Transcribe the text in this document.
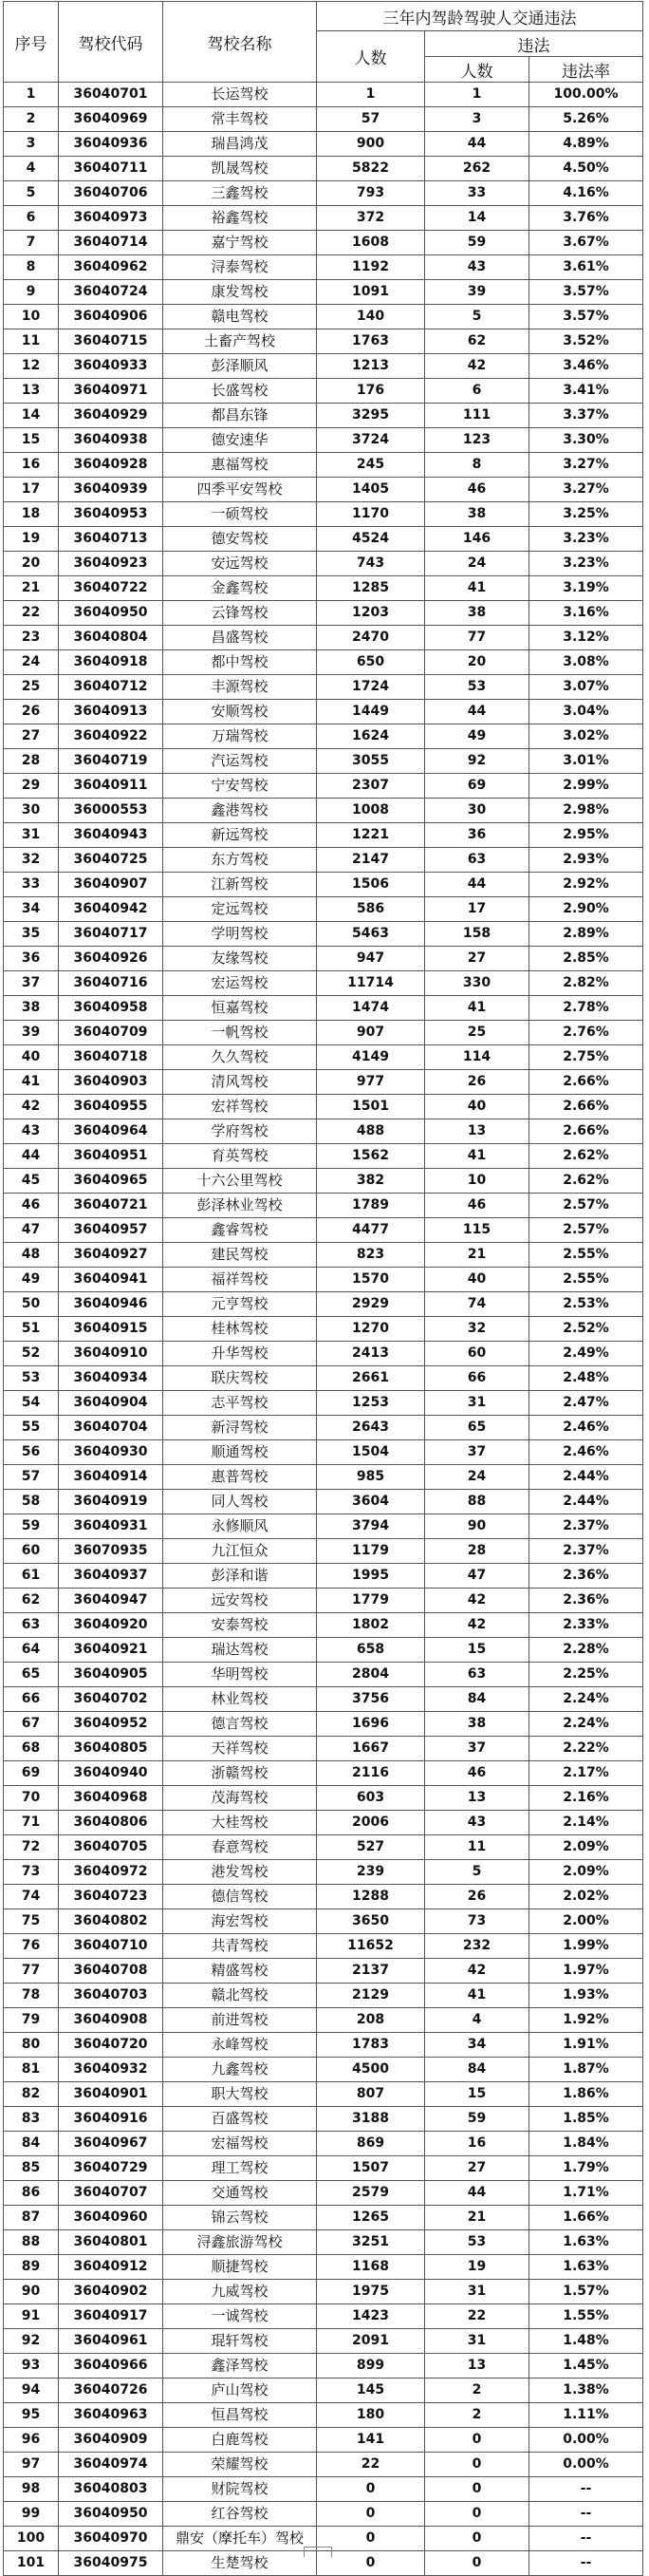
序号	驾校代码	驾校名称	三年内驾龄驾驶人交通违法		
			人数	违法	
				人数	违法率
1	36040701	长运驾校	1	1	100.00%
2	36040969	常丰驾校	57	3	5.26%
3	36040936	瑞昌鸿茂	900	44	4.89%
4	36040711	凯晟驾校	5822	262	4.50%
5	36040706	三鑫驾校	793	33	4.16%
6	36040973	裕鑫驾校	372	14	3.76%
7	36040714	嘉宁驾校	1608	59	3.67%
8	36040962	浔泰驾校	1192	43	3.61%
9	36040724	康发驾校	1091	39	3.57%
10	36040906	赣电驾校	140	5	3.57%
11	36040715	土畜产驾校	1763	62	3.52%
12	36040933	彭泽顺风	1213	42	3.46%
13	36040971	长盛驾校	176	6	3.41%
14	36040929	都昌东锋	3295	111	3.37%
15	36040938	德安速华	3724	123	3.30%
16	36040928	惠福驾校	245	8	3.27%
17	36040939	四季平安驾校	1405	46	3.27%
18	36040953	一硕驾校	1170	38	3.25%
19	36040713	德安驾校	4524	146	3.23%
20	36040923	安远驾校	743	24	3.23%
21	36040722	金鑫驾校	1285	41	3.19%
22	36040950	云锋驾校	1203	38	3.16%
23	36040804	昌盛驾校	2470	77	3.12%
24	36040918	都中驾校	650	20	3.08%
25	36040712	丰源驾校	1724	53	3.07%
26	36040913	安顺驾校	1449	44	3.04%
27	36040922	万瑞驾校	1624	49	3.02%
28	36040719	汽运驾校	3055	92	3.01%
29	36040911	宁安驾校	2307	69	2.99%
30	36000553	鑫港驾校	1008	30	2.98%
31	36040943	新远驾校	1221	36	2.95%
32	36040725	东方驾校	2147	63	2.93%
33	36040907	江新驾校	1506	44	2.92%
34	36040942	定远驾校	586	17	2.90%
35	36040717	学明驾校	5463	158	2.89%
36	36040926	友缘驾校	947	27	2.85%
37	36040716	宏运驾校	11714	330	2.82%
38	36040958	恒嘉驾校	1474	41	2.78%
39	36040709	一帆驾校	907	25	2.76%
40	36040718	久久驾校	4149	114	2.75%
41	36040903	清风驾校	977	26	2.66%
42	36040955	宏祥驾校	1501	40	2.66%
43	36040964	学府驾校	488	13	2.66%
44	36040951	育英驾校	1562	41	2.62%
45	36040965	十六公里驾校	382	10	2.62%
46	36040721	彭泽林业驾校	1789	46	2.57%
47	36040957	鑫睿驾校	4477	115	2.57%
48	36040927	建民驾校	823	21	2.55%
49	36040941	福祥驾校	1570	40	2.55%
50	36040946	元亨驾校	2929	74	2.53%
51	36040915	桂林驾校	1270	32	2.52%
52	36040910	升华驾校	2413	60	2.49%
53	36040934	联庆驾校	2661	66	2.48%
54	36040904	志平驾校	1253	31	2.47%
55	36040704	新浔驾校	2643	65	2.46%
56	36040930	顺通驾校	1504	37	2.46%
57	36040914	惠普驾校	985	24	2.44%
58	36040919	同人驾校	3604	88	2.44%
59	36040931	永修顺风	3794	90	2.37%
60	36070935	九江恒众	1179	28	2.37%
61	36040937	彭泽和谐	1995	47	2.36%
62	36040947	远安驾校	1779	42	2.36%
63	36040920	安泰驾校	1802	42	2.33%
64	36040921	瑞达驾校	658	15	2.28%
65	36040905	华明驾校	2804	63	2.25%
66	36040702	林业驾校	3756	84	2.24%
67	36040952	德言驾校	1696	38	2.24%
68	36040805	天祥驾校	1667	37	2.22%
69	36040940	浙赣驾校	2116	46	2.17%
70	36040968	茂海驾校	603	13	2.16%
71	36040806	大桂驾校	2006	43	2.14%
72	36040705	春意驾校	527	11	2.09%
73	36040972	港发驾校	239	5	2.09%
74	36040723	德信驾校	1288	26	2.02%
75	36040802	海宏驾校	3650	73	2.00%
76	36040710	共青驾校	11652	232	1.99%
77	36040708	精盛驾校	2137	42	1.97%
78	36040703	赣北驾校	2129	41	1.93%
79	36040908	前进驾校	208	4	1.92%
80	36040720	永峰驾校	1783	34	1.91%
81	36040932	九鑫驾校	4500	84	1.87%
82	36040901	职大驾校	807	15	1.86%
83	36040916	百盛驾校	3188	59	1.85%
84	36040967	宏福驾校	869	16	1.84%
85	36040729	理工驾校	1507	27	1.79%
86	36040707	交通驾校	2579	44	1.71%
87	36040960	锦云驾校	1265	21	1.66%
88	36040801	浔鑫旅游驾校	3251	53	1.63%
89	36040912	顺捷驾校	1168	19	1.63%
90	36040902	九威驾校	1975	31	1.57%
91	36040917	一诚驾校	1423	22	1.55%
92	36040961	琨轩驾校	2091	31	1.48%
93	36040966	鑫泽驾校	899	13	1.45%
94	36040726	庐山驾校	145	2	1.38%
95	36040963	恒昌驾校	180	2	1.11%
96	36040909	白鹿驾校	141	0	0.00%
97	36040974	荣耀驾校	22	0	0.00%
98	36040803	财院驾校	0	0	--
99	36040950	红谷驾校	0	0	--
100	36040970	鼎安（摩托车）驾校	0	0	--
101	36040975	生楚驾校	0	0	--
